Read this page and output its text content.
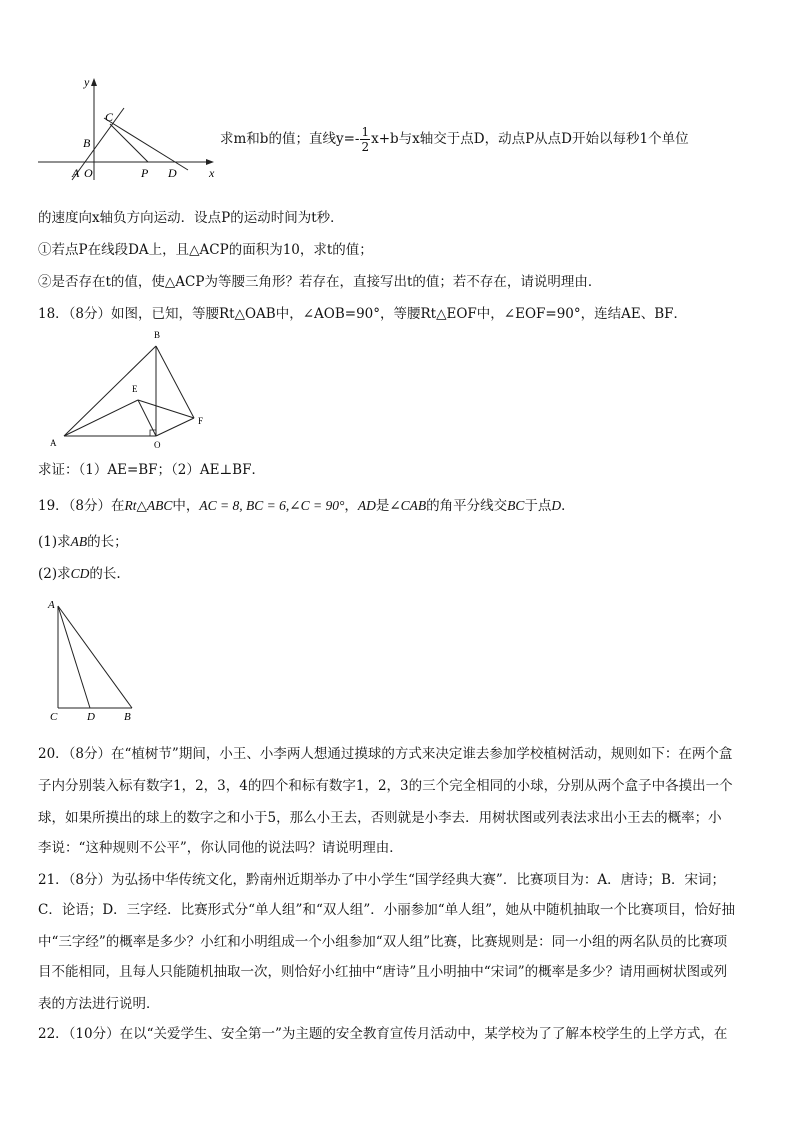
y
C
B
A O	P D	x
求m和b的值；直线$y=- \frac{1}{2} x+b$与x轴交于点D，动点P从点D开始以每秒1个单位
的速度向x轴负方向运动．设点P的运动时间为t秒．
①若点P在线段DA上，且△ACP的面积为10，求t的值；
②是否存在t的值，使△ACP为等腰三角形？若存在，直接写出t的值；若不存在，请说明理由．
18．（8分）如图，已知，等腰Rt△OAB中，∠AOB=90°，等腰Rt△EOF中，∠EOF=90°，连结AE、BF．
B
E
F
A	O
求证：（1）AE=BF；（2）AE⊥BF．
19．（8分）在Rt△ABC中，AC = 8, BC = 6,∠C = 90°，AD是∠CAB的角平分线交BC于点D．
(1)求AB的长；
(2)求CD的长.
A
C	D	B
20．（8分）在“植树节”期间，小王、小李两人想通过摸球的方式来决定谁去参加学校植树活动，规则如下：在两个盒
子内分别装入标有数字1，2，3，4的四个和标有数字1，2，3的三个完全相同的小球，分别从两个盒子中各摸出一个
球，如果所摸出的球上的数字之和小于5，那么小王去，否则就是小李去．用树状图或列表法求出小王去的概率；小
李说：“这种规则不公平”，你认同他的说法吗？请说明理由．
21．（8分）为弘扬中华传统文化，黔南州近期举办了中小学生“国学经典大赛”．比赛项目为：A．唐诗；B．宋词；
C．论语；D．三字经．比赛形式分“单人组”和“双人组”．小丽参加“单人组”，她从中随机抽取一个比赛项目，恰好抽
中“三字经”的概率是多少？小红和小明组成一个小组参加“双人组”比赛，比赛规则是：同一小组的两名队员的比赛项
目不能相同，且每人只能随机抽取一次，则恰好小红抽中“唐诗”且小明抽中“宋词”的概率是多少？请用画树状图或列
表的方法进行说明．
22．（10分）在以“关爱学生、安全第一”为主题的安全教育宣传月活动中，某学校为了了解本校学生的上学方式，在
